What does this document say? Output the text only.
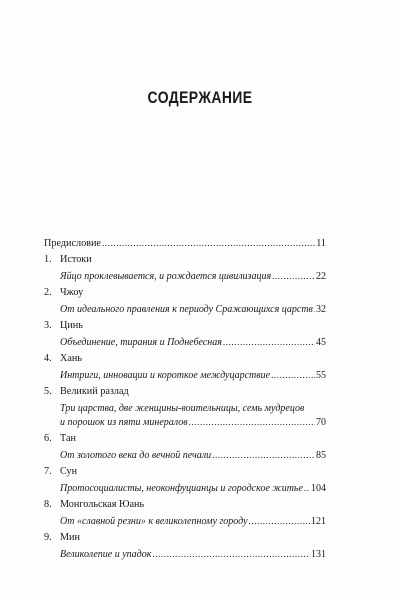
СОДЕРЖАНИЕ
Предисловие .....	11
1. Истоки
Яйцо проклевывается, и рождается цивилизация .....	22
2. Чжоу
От идеального правления к периоду Сражающихся царств ..... 32
3. Цинь
Объединение, тирания и Поднебесная .....	45
4. Хань
Интриги, инновации и короткое междуцарствие .....	55
5. Великий разлад
Три царства, две женщины-воительницы, семь мудрецов
и порошок из пяти минералов .....	70
6. Тан
От золотого века до вечной печали .....	85
7. Сун
Протосоциалисты, неоконфуцианцы и городское житье ..... 104
8. Монгольская Юань
От «славной резни» к великолепному городу .....	121
9. Мин
Великолепие и упадок .....	131
